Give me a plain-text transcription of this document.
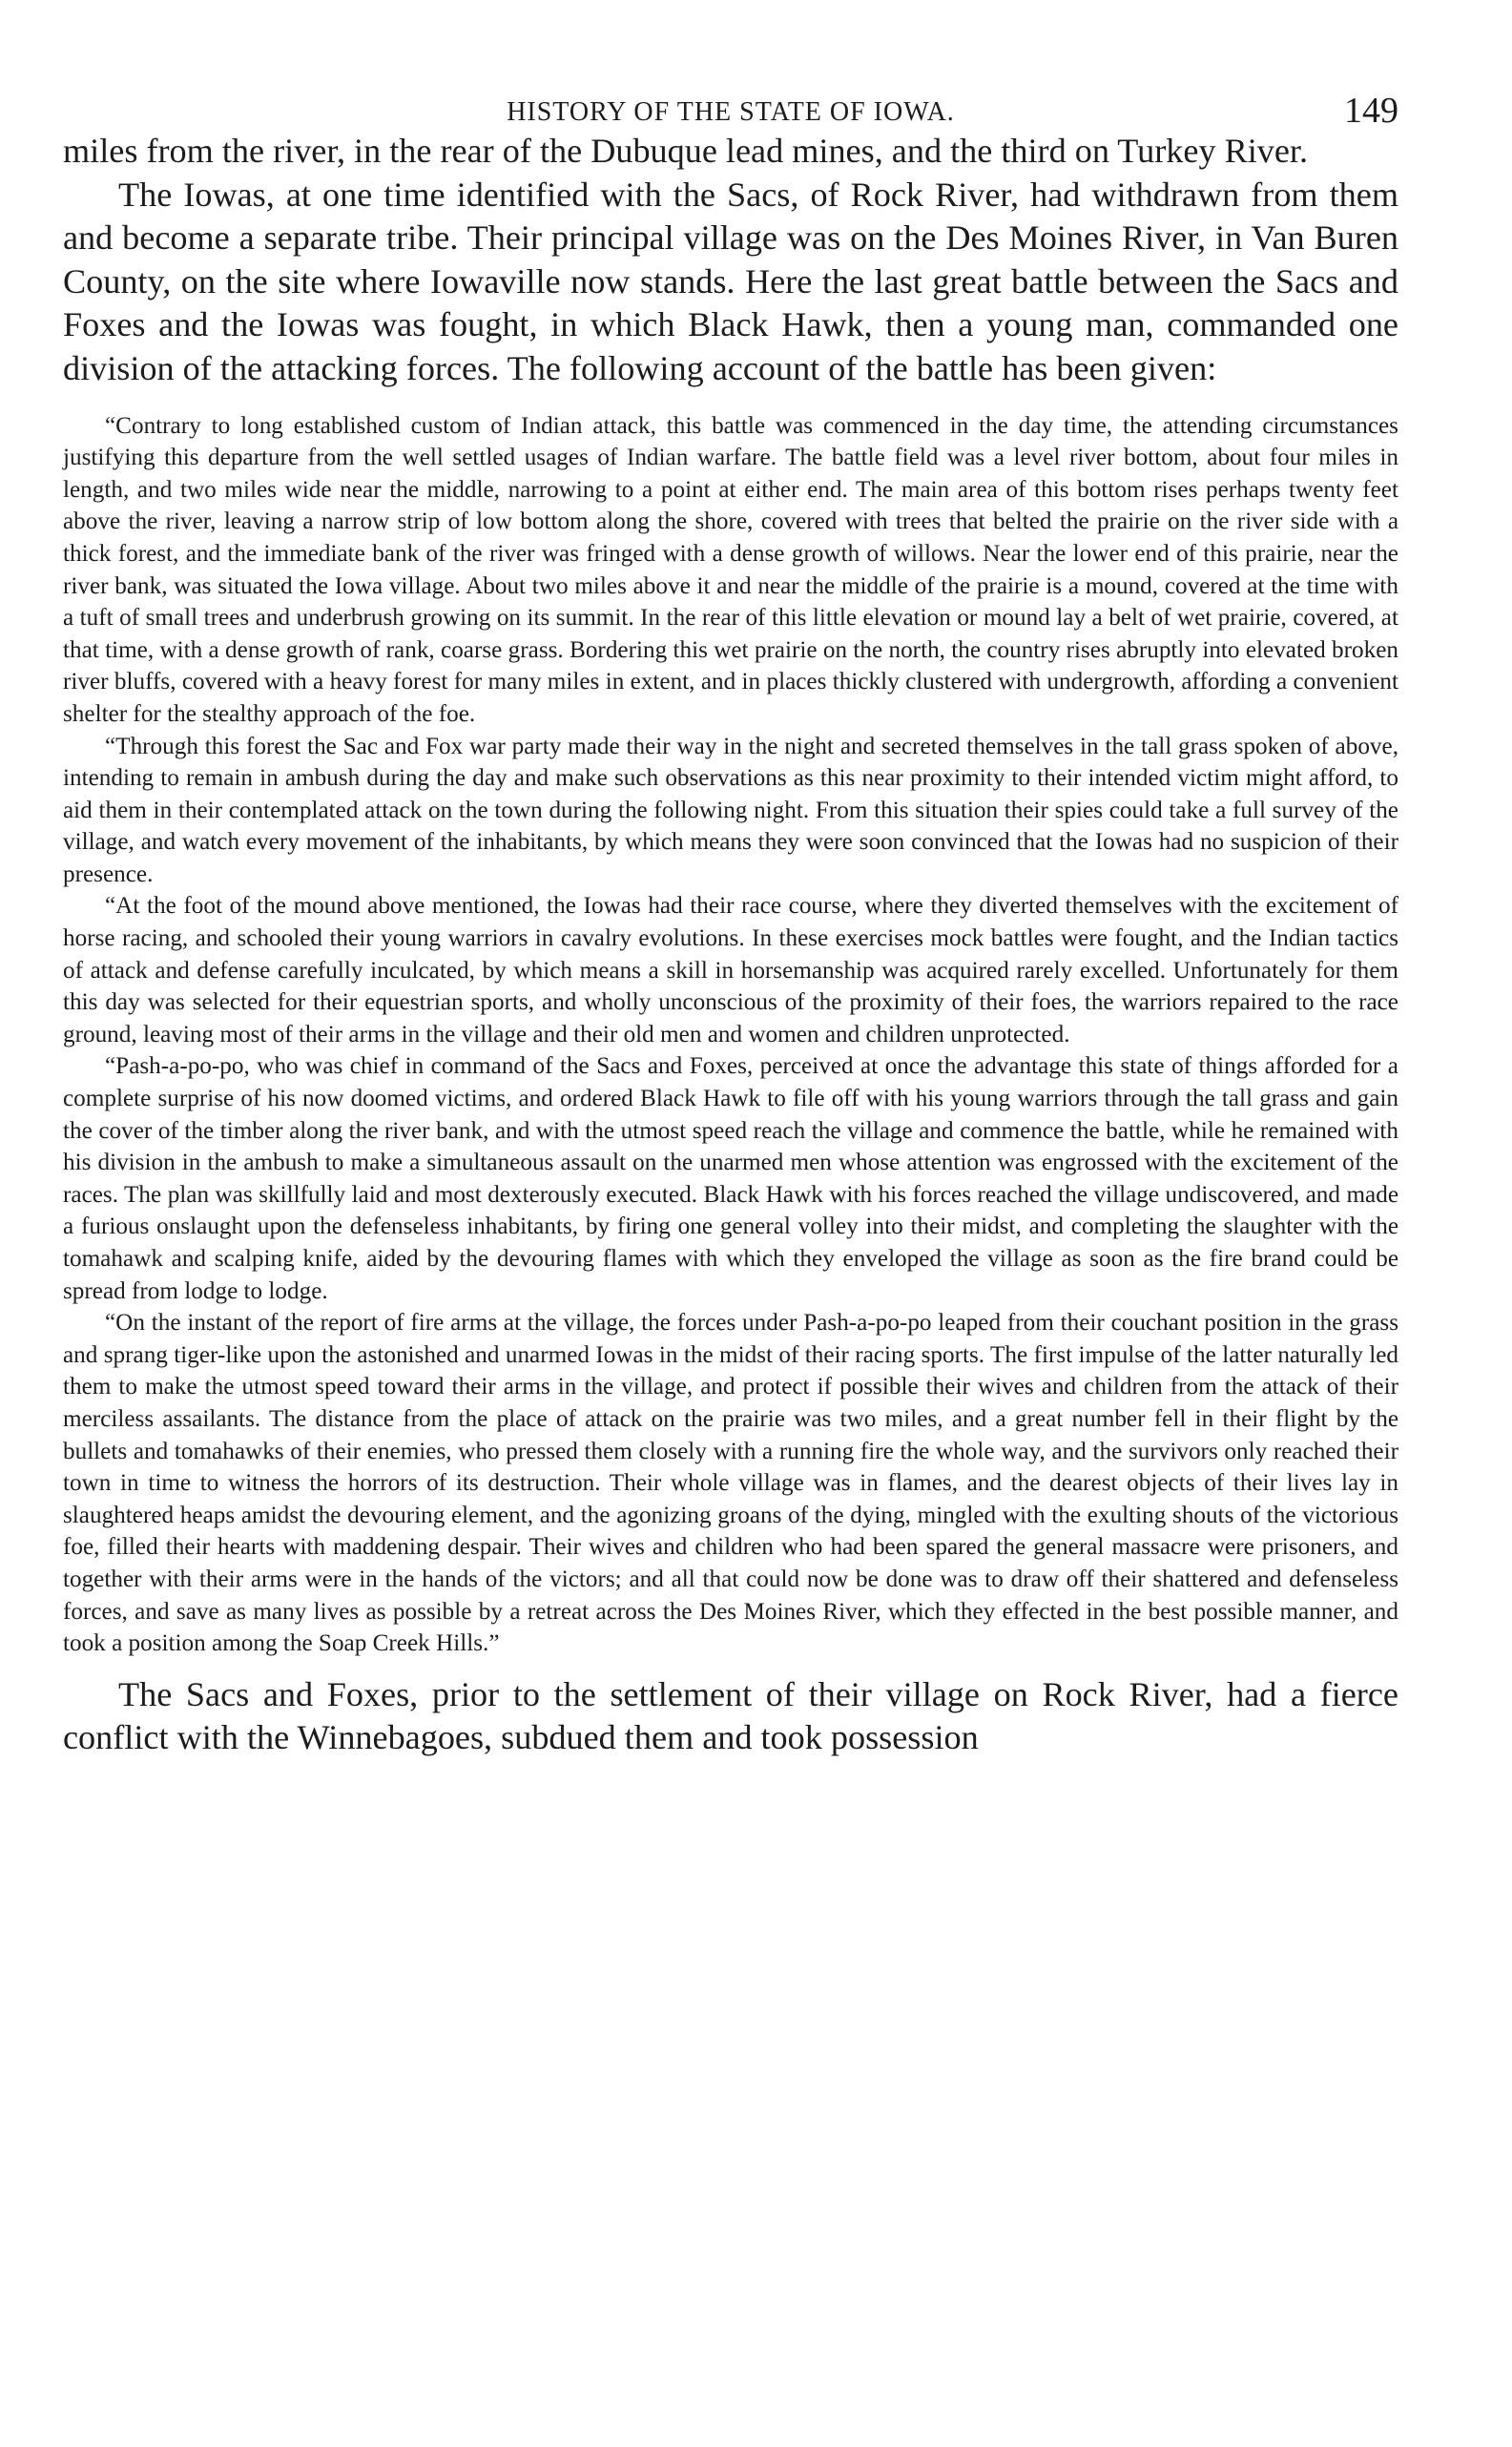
HISTORY OF THE STATE OF IOWA.	149

miles from the river, in the rear of the Dubuque lead mines, and the third on Turkey River.

The Iowas, at one time identified with the Sacs, of Rock River, had withdrawn from them and become a separate tribe. Their principal village was on the Des Moines River, in Van Buren County, on the site where Iowaville now stands. Here the last great battle between the Sacs and Foxes and the Iowas was fought, in which Black Hawk, then a young man, commanded one division of the attacking forces. The following account of the battle has been given:

“Contrary to long established custom of Indian attack, this battle was commenced in the day time, the attending circumstances justifying this departure from the well settled usages of Indian warfare. The battle field was a level river bottom, about four miles in length, and two miles wide near the middle, narrowing to a point at either end. The main area of this bottom rises perhaps twenty feet above the river, leaving a narrow strip of low bottom along the shore, covered with trees that belted the prairie on the river side with a thick forest, and the immediate bank of the river was fringed with a dense growth of willows. Near the lower end of this prairie, near the river bank, was situated the Iowa village. About two miles above it and near the middle of the prairie is a mound, covered at the time with a tuft of small trees and underbrush growing on its summit. In the rear of this little elevation or mound lay a belt of wet prairie, covered, at that time, with a dense growth of rank, coarse grass. Bordering this wet prairie on the north, the country rises abruptly into elevated broken river bluffs, covered with a heavy forest for many miles in extent, and in places thickly clustered with undergrowth, affording a convenient shelter for the stealthy approach of the foe.

“Through this forest the Sac and Fox war party made their way in the night and secreted themselves in the tall grass spoken of above, intending to remain in ambush during the day and make such observations as this near proximity to their intended victim might afford, to aid them in their contemplated attack on the town during the following night. From this situation their spies could take a full survey of the village, and watch every movement of the inhabitants, by which means they were soon convinced that the Iowas had no suspicion of their presence.

“At the foot of the mound above mentioned, the Iowas had their race course, where they diverted themselves with the excitement of horse racing, and schooled their young warriors in cavalry evolutions. In these exercises mock battles were fought, and the Indian tactics of attack and defense carefully inculcated, by which means a skill in horsemanship was acquired rarely excelled. Unfortunately for them this day was selected for their equestrian sports, and wholly unconscious of the proximity of their foes, the warriors repaired to the race ground, leaving most of their arms in the village and their old men and women and children unprotected.

“Pash-a-po-po, who was chief in command of the Sacs and Foxes, perceived at once the advantage this state of things afforded for a complete surprise of his now doomed victims, and ordered Black Hawk to file off with his young warriors through the tall grass and gain the cover of the timber along the river bank, and with the utmost speed reach the village and commence the battle, while he remained with his division in the ambush to make a simultaneous assault on the unarmed men whose attention was engrossed with the excitement of the races. The plan was skillfully laid and most dexterously executed. Black Hawk with his forces reached the village undiscovered, and made a furious onslaught upon the defenseless inhabitants, by firing one general volley into their midst, and completing the slaughter with the tomahawk and scalping knife, aided by the devouring flames with which they enveloped the village as soon as the fire brand could be spread from lodge to lodge.

“On the instant of the report of fire arms at the village, the forces under Pash-a-po-po leaped from their couchant position in the grass and sprang tiger-like upon the astonished and unarmed Iowas in the midst of their racing sports. The first impulse of the latter naturally led them to make the utmost speed toward their arms in the village, and protect if possible their wives and children from the attack of their merciless assailants. The distance from the place of attack on the prairie was two miles, and a great number fell in their flight by the bullets and tomahawks of their enemies, who pressed them closely with a running fire the whole way, and the survivors only reached their town in time to witness the horrors of its destruction. Their whole village was in flames, and the dearest objects of their lives lay in slaughtered heaps amidst the devouring element, and the agonizing groans of the dying, mingled with the exulting shouts of the victorious foe, filled their hearts with maddening despair. Their wives and children who had been spared the general massacre were prisoners, and together with their arms were in the hands of the victors; and all that could now be done was to draw off their shattered and defenseless forces, and save as many lives as possible by a retreat across the Des Moines River, which they effected in the best possible manner, and took a position among the Soap Creek Hills.”

The Sacs and Foxes, prior to the settlement of their village on Rock River, had a fierce conflict with the Winnebagoes, subdued them and took possession
